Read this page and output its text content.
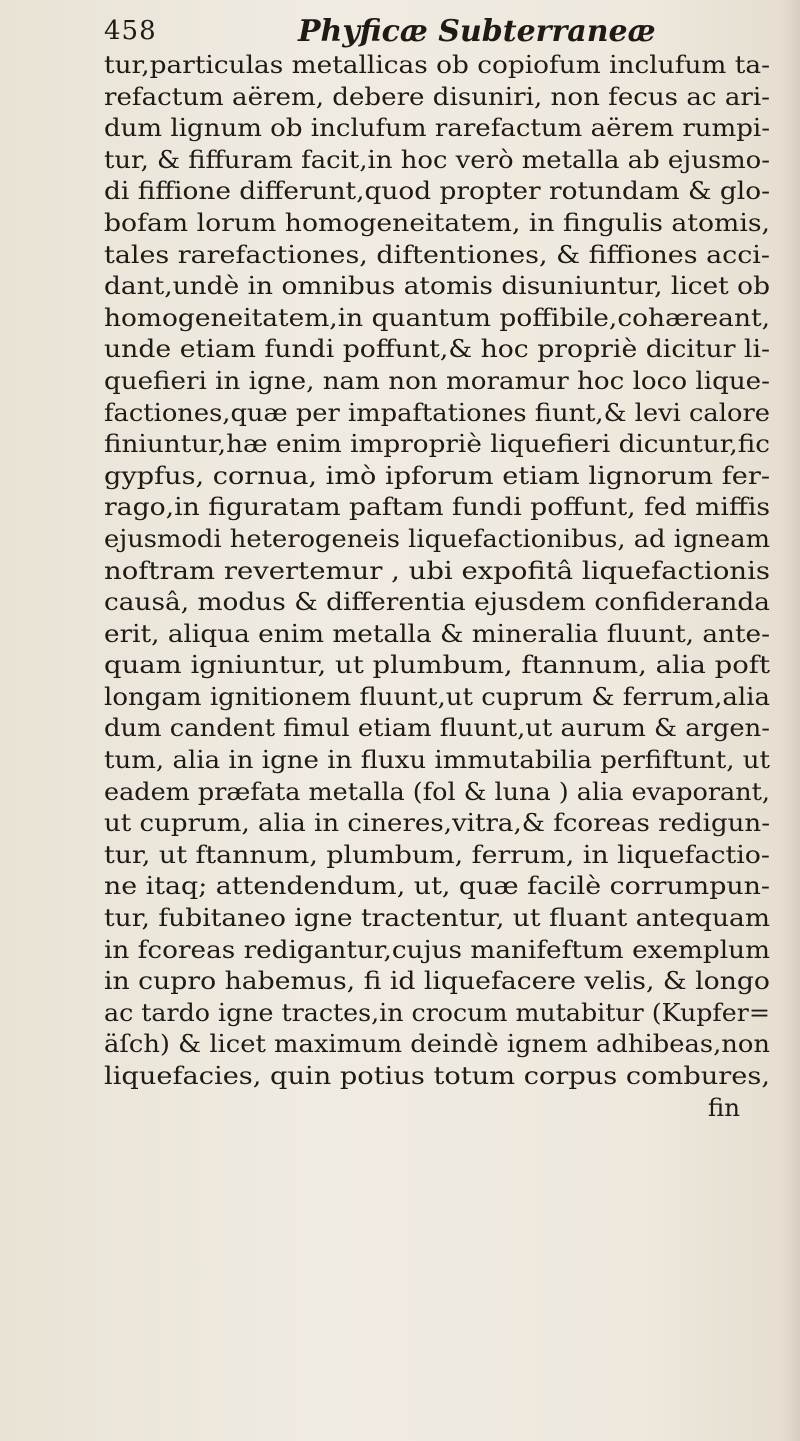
458	Phyficæ Subterraneæ
tur,particulas metallicas ob copiofum inclufum ta-
refactum aërem, debere disuniri, non fecus ac ari-
dum lignum ob inclufum rarefactum aërem rumpi-
tur, & fiffuram facit,in hoc verò metalla ab ejusmo-
di fiffione differunt,quod propter rotundam & glo-
bofam lorum homogeneitatem, in fingulis atomis,
tales rarefactiones, diftentiones, & fiffiones acci-
dant,undè in omnibus atomis disuniuntur, licet ob
homogeneitatem,in quantum poffibile,cohæreant,
unde etiam fundi poffunt,& hoc propriè dicitur li-
quefieri in igne, nam non moramur hoc loco lique-
factiones,quæ per impaftationes fiunt,& levi calore
finiuntur,hæ enim impropriè liquefieri dicuntur,fic
gypfus, cornua, imò ipforum etiam lignorum fer-
rago,in figuratam paftam fundi poffunt, fed miffis
ejusmodi heterogeneis liquefactionibus, ad igneam
noftram revertemur , ubi expofitâ liquefactionis
causâ, modus & differentia ejusdem confideranda
erit, aliqua enim metalla & mineralia fluunt, ante-
quam igniuntur, ut plumbum, ftannum, alia poft
longam ignitionem fluunt,ut cuprum & ferrum,alia
dum candent fimul etiam fluunt,ut aurum & argen-
tum, alia in igne in fluxu immutabilia perfiftunt, ut
eadem præfata metalla (fol & luna ) alia evaporant,
ut cuprum, alia in cineres,vitra,& fcoreas redigun-
tur, ut ftannum, plumbum, ferrum, in liquefactio-
ne itaq; attendendum, ut, quæ facilè corrumpun-
tur, fubitaneo igne tractentur, ut fluant antequam
in fcoreas redigantur,cujus manifeftum exemplum
in cupro habemus, fi id liquefacere velis, & longo
ac tardo igne tractes,in crocum mutabitur (Kupfer=
äſch) & licet maximum deindè ignem adhibeas,non
liquefacies, quin potius totum corpus combures,
fin
